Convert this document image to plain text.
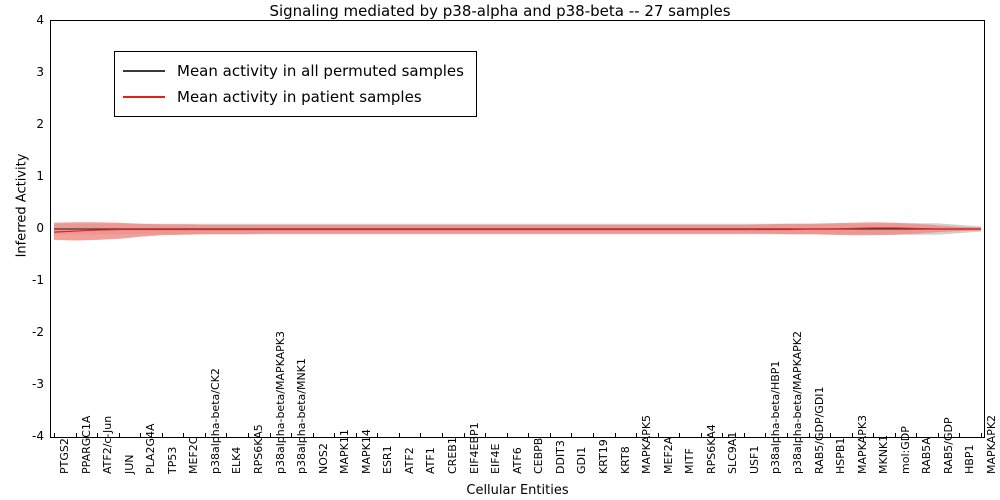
Signaling mediated by p38-alpha and p38-beta -- 27 samples
-4
-3
-2
-1
0
1
2
3
4
Inferred Activity
Mean activity in all permuted samples
Mean activity in patient samples
PTGS2 PPARGC1A ATF2/c-Jun JUN PLA2G4A TP53 MEF2C p38alpha-beta/CK2 ELK4 RPS6KA5 p38alpha-beta/MAPKAPK3 p38alpha-beta/MNK1 NOS2 MAPK11 MAPK14 ESR1 ATF2 ATF1 CREB1 EIF4EBP1 EIF4E ATF6 CEBPB DDIT3 GDI1 KRT19 KRT8 MAPKAPK5 MEF2A MITF RPS6KA4 SLC9A1 USF1 p38alpha-beta/HBP1 p38alpha-beta/MAPKAPK2 RAB5/GDP/GDI1 HSPB1 MAPKAPK3 MKNK1 mol:GDP RAB5A RAB5/GDP HBP1 MAPKAPK2
Cellular Entities
